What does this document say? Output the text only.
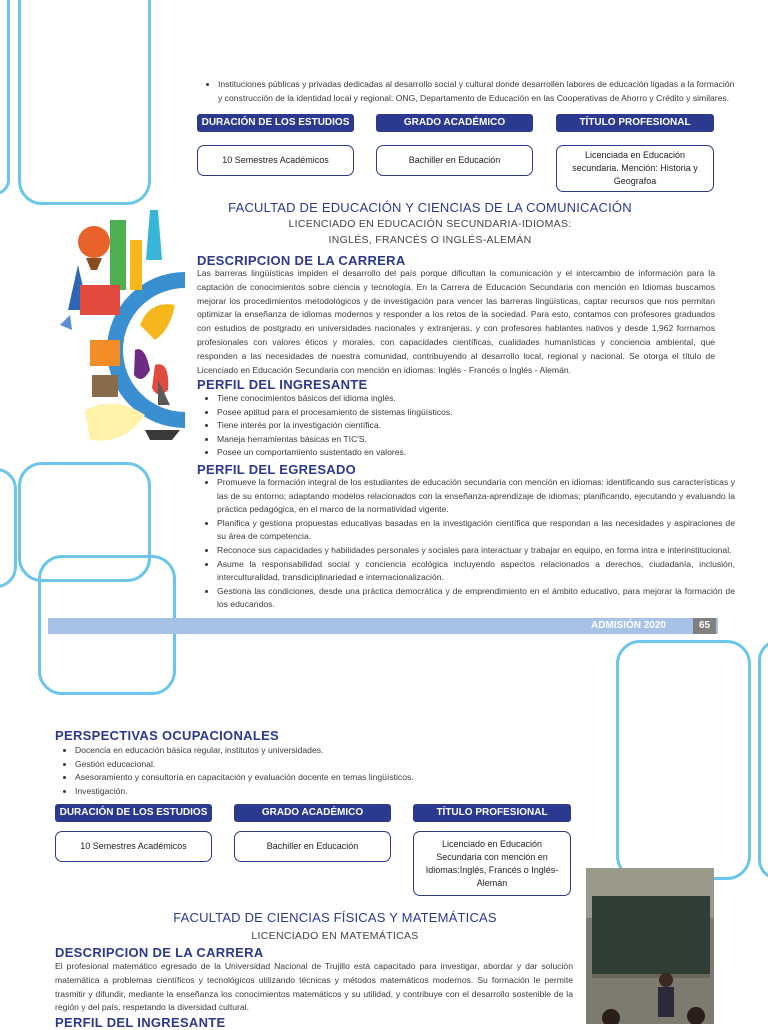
• Instituciones públicas y privadas dedicadas al desarrollo social y cultural donde desarrollen labores de educación ligadas a la formación y construcción de la identidad local y regional: ONG, Departamento de Educación en las Cooperativas de Ahorro y Crédito y similares.
DURACIÓN DE LOS ESTUDIOS	GRADO ACADÉMICO	TÍTULO PROFESIONAL
10 Semestres Académicos	Bachiller en Educación	Licenciada en Educación secundaria. Mención: Historia y Geografoa
FACULTAD DE EDUCACIÓN Y CIENCIAS DE LA COMUNICACIÓN
LICENCIADO EN EDUCACIÓN SECUNDARIA-IDIOMAS:
INGLÉS, FRANCÉS O INGLÉS-ALEMÁN
DESCRIPCION DE LA CARRERA

Las barreras lingüísticas impiden el desarrollo del país porque dificultan la comunicación y el intercambio de información para la captación de conocimientos sobre ciencia y tecnología. En la Carrera de Educación Secundaria con mención en Idiomas buscamos mejorar los procedimientos metodológicos y de investigación para vencer las barreras lingüísticas, captar recursos que nos permitan optimizar la enseñanza de idiomas modernos y responder a los retos de la sociedad. Para esto, contamos con profesores graduados con estudios de postgrado en universidades nacionales y extranjeras, y con profesores hablantes nativos y desde 1,962 formamos profesionales con valores éticos y morales, con capacidades científicas, cualidades humanísticas y conciencia ambiental, que responden a las necesidades de nuestra comunidad, contribuyendo al desarrollo local, regional y nacional. Se otorga el título de Licenciado en Educación Secundaria con mención en idiomas: Inglés - Francés o Inglés - Alemán.

PERFIL DEL INGRESANTE
• Tiene conocimientos básicos del idioma inglés.
• Posee aptitud para el procesamiento de sistemas lingüísticos.
• Tiene interés por la investigación científica.
• Maneja herramientas básicas en TIC'S.
• Posee un comportamiento sustentado en valores.
PERFIL DEL EGRESADO
• Promueve la formación integral de los estudiantes de educación secundaria con mención en idiomas: identificando sus características y las de su entorno; adaptando modelos relacionados con la enseñanza-aprendizaje de idiomas; planificando, ejecutando y evaluando la práctica pedagógica, en el marco de la normatividad vigente.
• Planifica y gestiona propuestas educativas basadas en la investigación científica que respondan a las necesidades y aspiraciones de su área de competencia.
• Reconoce sus capacidades y habilidades personales y sociales para interactuar y trabajar en equipo, en forma intra e interinstitucional.
• Asume la responsabilidad social y conciencia ecológica incluyendo aspectos relacionados a derechos, ciudadanía, inclusión, interculturalidad, transdiciplinariedad e internacionalización.
• Gestiona las condiciones, desde una práctica democrática y de emprendimiento en el ámbito educativo, para mejorar la formación de los educandos.
ADMISIÓN 2020	65
PERSPECTIVAS OCUPACIONALES
• Docencia en educación básica regular, institutos y universidades.
• Gestión educacional.
• Asesoramiento y consultoría en capacitación y evaluación docente en temas lingüísticos.
• Investigación.
DURACIÓN DE LOS ESTUDIOS	GRADO ACADÉMICO	TÍTULO PROFESIONAL
10 Semestres Académicos	Bachiller en Educación	Licenciado en Educación Secundaria con mención en Idiomas:Inglés, Francés o Inglés-Alemán
FACULTAD DE CIENCIAS FÍSICAS Y MATEMÁTICAS
LICENCIADO EN MATEMÁTICAS
DESCRIPCION DE LA CARRERA

El profesional matemático egresado de la Universidad Nacional de Trujillo está capacitado para investigar, abordar y dar solución matemática a problemas científicos y tecnológicos utilizando técnicas y métodos matemáticos modernos. Su formación le permite trasmitir y difundir, mediante la enseñanza los conocimientos matemáticos y su utilidad, y contribuye con el desarrollo sostenible de la región y del país, respetando la diversidad cultural.

PERFIL DEL INGRESANTE
